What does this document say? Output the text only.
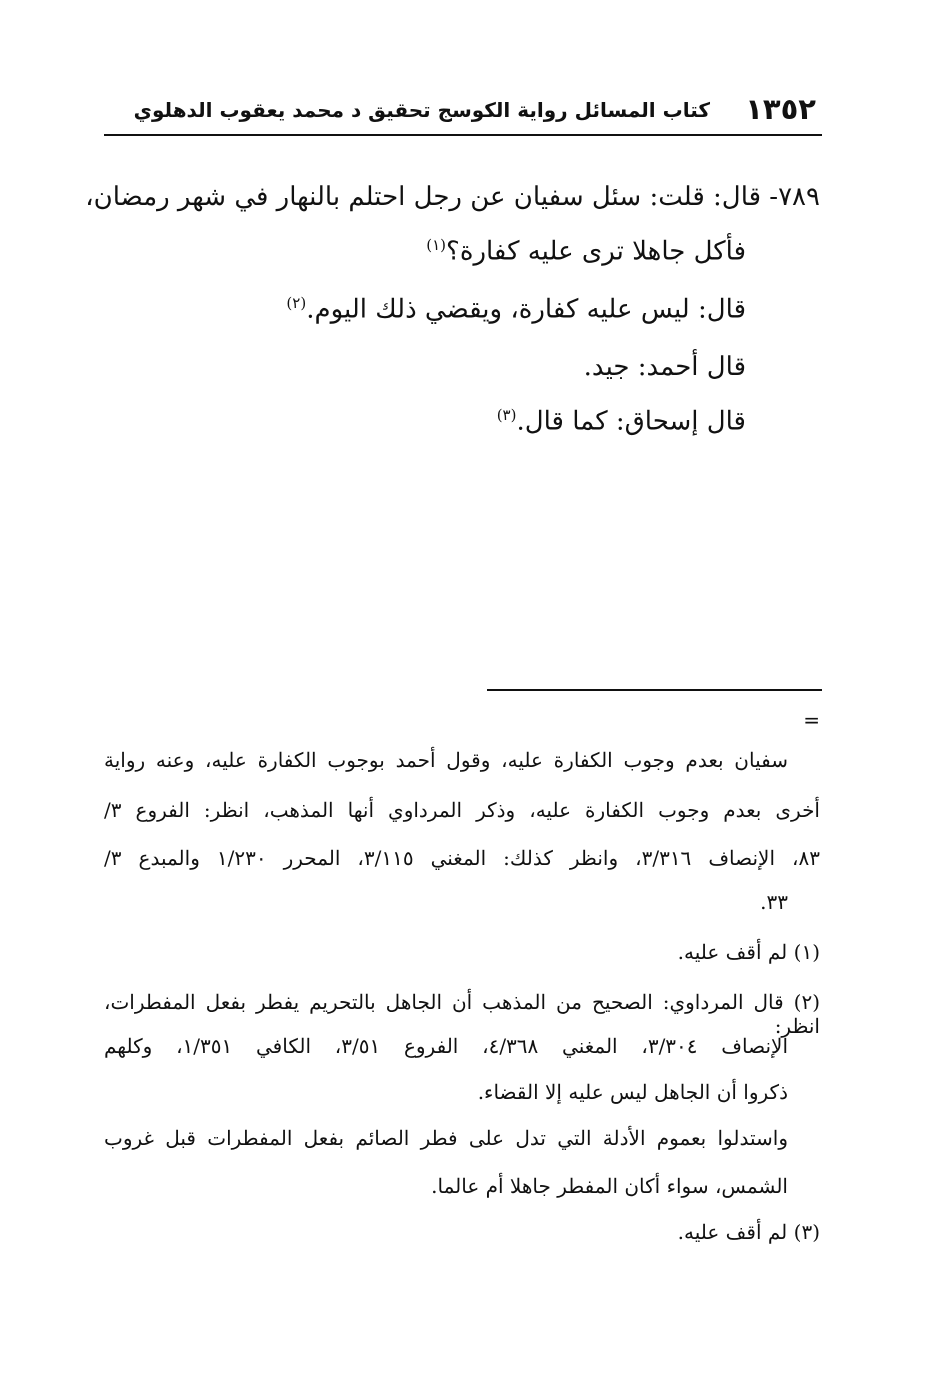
١٣٥٢
كتاب المسائل رواية الكوسج تحقيق د محمد يعقوب الدهلوي
٧٨٩- قال: قلت: سئل سفيان عن رجل احتلم بالنهار في شهر رمضان،
فأكل جاهلا ترى عليه كفارة؟$^{(١)}$
قال: ليس عليه كفارة، ويقضي ذلك اليوم.$^{(٢)}$
قال أحمد: جيد.
قال إسحاق: كما قال.$^{(٣)}$
=
سفيان بعدم وجوب الكفارة عليه، وقول أحمد بوجوب الكفارة عليه، وعنه رواية
أخرى بعدم وجوب الكفارة عليه، وذكر المرداوي أنها المذهب، انظر: الفروع ٣/
٨٣، الإنصاف ٣/٣١٦، وانظر كذلك: المغني ٣/١١٥، المحرر ١/٢٣٠ والمبدع ٣/
٣٣.
(١) لم أقف عليه.
(٢) قال المرداوي: الصحيح من المذهب أن الجاهل بالتحريم يفطر بفعل المفطرات، انظر:
الإنصاف ٣/٣٠٤، المغني ٤/٣٦٨، الفروع ٣/٥١، الكافي ١/٣٥١، وكلهم
ذكروا أن الجاهل ليس عليه إلا القضاء.
واستدلوا بعموم الأدلة التي تدل على فطر الصائم بفعل المفطرات قبل غروب
الشمس، سواء أكان المفطر جاهلا أم عالما.
(٣) لم أقف عليه.
